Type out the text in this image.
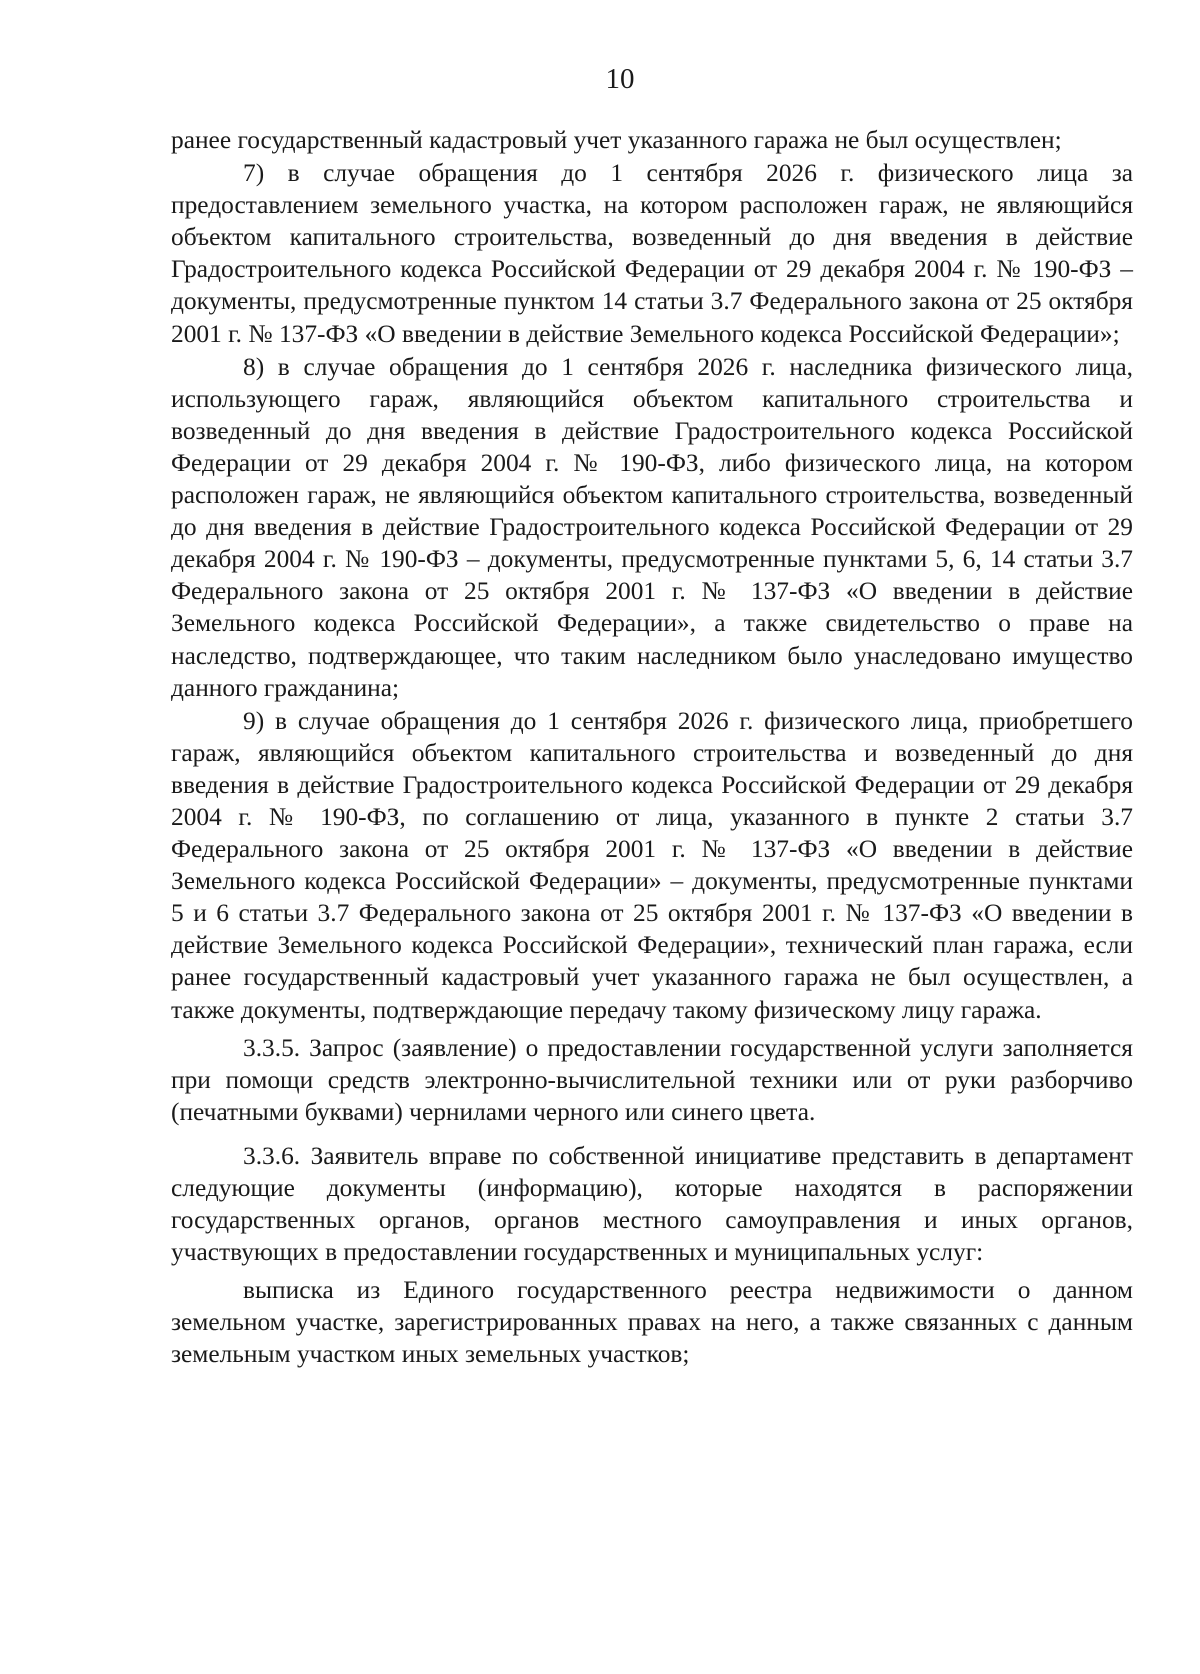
10

ранее государственный кадастровый учет указанного гаража не был осуществлен;

7) в случае обращения до 1 сентября 2026 г. физического лица за предоставлением земельного участка, на котором расположен гараж, не являющийся объектом капитального строительства, возведенный до дня введения в действие Градостроительного кодекса Российской Федерации от 29 декабря 2004 г. № 190-ФЗ – документы, предусмотренные пунктом 14 статьи 3.7 Федерального закона от 25 октября 2001 г. № 137-ФЗ «О введении в действие Земельного кодекса Российской Федерации»;

8) в случае обращения до 1 сентября 2026 г. наследника физического лица, использующего гараж, являющийся объектом капитального строительства и возведенный до дня введения в действие Градостроительного кодекса Российской Федерации от 29 декабря 2004 г. № 190-ФЗ, либо физического лица, на котором расположен гараж, не являющийся объектом капитального строительства, возведенный до дня введения в действие Градостроительного кодекса Российской Федерации от 29 декабря 2004 г. № 190-ФЗ – документы, предусмотренные пунктами 5, 6, 14 статьи 3.7 Федерального закона от 25 октября 2001 г. № 137-ФЗ «О введении в действие Земельного кодекса Российской Федерации», а также свидетельство о праве на наследство, подтверждающее, что таким наследником было унаследовано имущество данного гражданина;

9) в случае обращения до 1 сентября 2026 г. физического лица, приобретшего гараж, являющийся объектом капитального строительства и возведенный до дня введения в действие Градостроительного кодекса Российской Федерации от 29 декабря 2004 г. № 190-ФЗ, по соглашению от лица, указанного в пункте 2 статьи 3.7 Федерального закона от 25 октября 2001 г. № 137-ФЗ «О введении в действие Земельного кодекса Российской Федерации» – документы, предусмотренные пунктами 5 и 6 статьи 3.7 Федерального закона от 25 октября 2001 г. № 137-ФЗ «О введении в действие Земельного кодекса Российской Федерации», технический план гаража, если ранее государственный кадастровый учет указанного гаража не был осуществлен, а также документы, подтверждающие передачу такому физическому лицу гаража.

3.3.5. Запрос (заявление) о предоставлении государственной услуги заполняется при помощи средств электронно-вычислительной техники или от руки разборчиво (печатными буквами) чернилами черного или синего цвета.

3.3.6. Заявитель вправе по собственной инициативе представить в департамент следующие документы (информацию), которые находятся в распоряжении государственных органов, органов местного самоуправления и иных органов, участвующих в предоставлении государственных и муниципальных услуг:

выписка из Единого государственного реестра недвижимости о данном земельном участке, зарегистрированных правах на него, а также связанных с данным земельным участком иных земельных участков;
